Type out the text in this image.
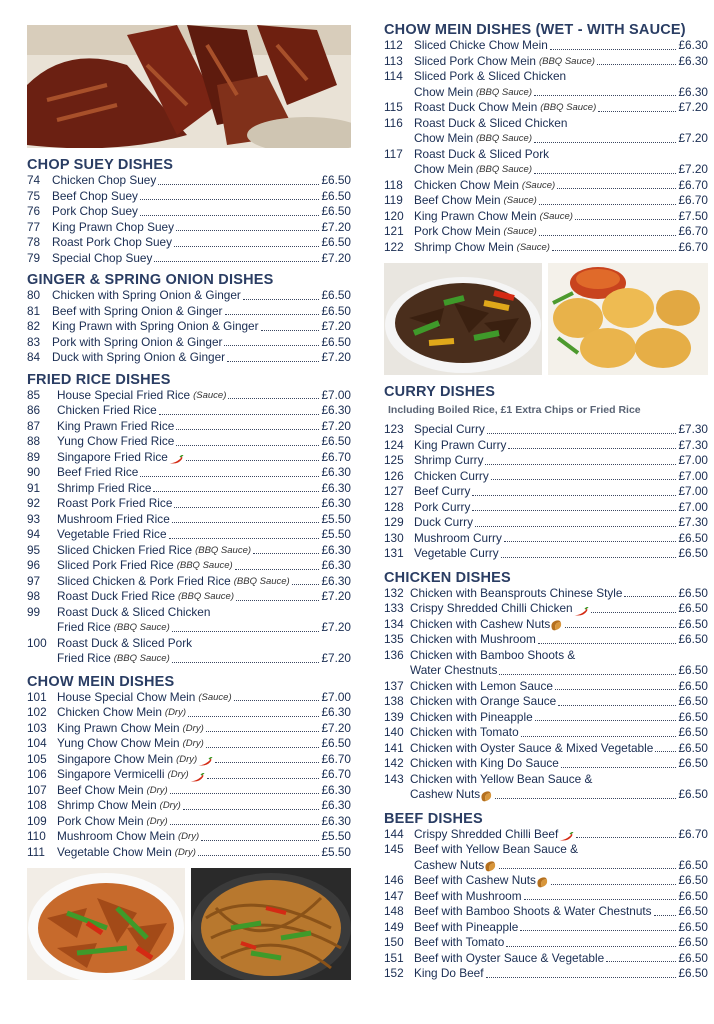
CHOP SUEY DISHES
74	Chicken Chop Suey	£6.50
75	Beef Chop Suey	£6.50
76	Pork Chop Suey	£6.50
77	King Prawn Chop Suey	£7.20
78	Roast Pork Chop Suey	£6.50
79	Special Chop Suey	£7.20
GINGER & SPRING ONION DISHES
80	Chicken with Spring Onion & Ginger	£6.50
81	Beef with Spring Onion & Ginger	£6.50
82	King Prawn with Spring Onion & Ginger	£7.20
83	Pork with Spring Onion & Ginger	£6.50
84	Duck with Spring Onion & Ginger	£7.20
FRIED RICE DISHES
85	House Special Fried Rice (Sauce)	£7.00
86	Chicken Fried Rice	£6.30
87	King Prawn Fried Rice	£7.20
88	Yung Chow Fried Rice	£6.50
89	Singapore Fried Rice	£6.70
90	Beef Fried Rice	£6.30
91	Shrimp Fried Rice	£6.30
92	Roast Pork Fried Rice	£6.30
93	Mushroom Fried Rice	£5.50
94	Vegetable Fried Rice	£5.50
95	Sliced Chicken Fried Rice (BBQ Sauce)	£6.30
96	Sliced Pork Fried Rice (BBQ Sauce)	£6.30
97	Sliced Chicken & Pork Fried Rice (BBQ Sauce)	£6.30
98	Roast Duck Fried Rice (BBQ Sauce)	£7.20
99	Roast Duck & Sliced Chicken
Fried Rice (BBQ Sauce)	£7.20
100 Roast Duck & Sliced Pork
Fried Rice (BBQ Sauce)	£7.20
CHOW MEIN DISHES
101 House Special Chow Mein (Sauce)	£7.00
102 Chicken Chow Mein (Dry)	£6.30
103 King Prawn Chow Mein (Dry)	£7.20
104 Yung Chow Chow Mein (Dry)	£6.50
105 Singapore Chow Mein (Dry)	£6.70
106 Singapore Vermicelli (Dry)	£6.70
107 Beef Chow Mein (Dry)	£6.30
108 Shrimp Chow Mein (Dry)	£6.30
109 Pork Chow Mein (Dry)	£6.30
110 Mushroom Chow Mein (Dry)	£5.50
111	Vegetable Chow Mein (Dry)	£5.50
CHOW MEIN DISHES (WET - WITH SAUCE)
112 Sliced Chicke Chow Mein	£6.30
113 Sliced Pork Chow Mein (BBQ Sauce)	£6.30
114 Sliced Pork & Sliced Chicken
Chow Mein (BBQ Sauce)	£6.30
115 Roast Duck Chow Mein (BBQ Sauce)	£7.20
116 Roast Duck & Sliced Chicken
Chow Mein (BBQ Sauce)	£7.20
117 Roast Duck & Sliced Pork
Chow Mein (BBQ Sauce)	£7.20
118 Chicken Chow Mein (Sauce)	£6.70
119 Beef Chow Mein (Sauce)	£6.70
120 King Prawn Chow Mein (Sauce)	£7.50
121 Pork Chow Mein (Sauce)	£6.70
122 Shrimp Chow Mein (Sauce)	£6.70
CURRY DISHES
Including Boiled Rice, £1 Extra Chips or Fried Rice
123 Special Curry	£7.30
124 King Prawn Curry	£7.30
125 Shrimp Curry	£7.00
126 Chicken Curry	£7.00
127 Beef Curry	£7.00
128 Pork Curry	£7.00
129 Duck Curry	£7.30
130 Mushroom Curry	£6.50
131 Vegetable Curry	£6.50
CHICKEN DISHES
132 Chicken with Beansprouts Chinese Style	£6.50
133 Crispy Shredded Chilli Chicken	£6.50
134 Chicken with Cashew Nuts	£6.50
135 Chicken with Mushroom	£6.50
136 Chicken with Bamboo Shoots &
Water Chestnuts	£6.50
137 Chicken with Lemon Sauce	£6.50
138 Chicken with Orange Sauce	£6.50
139 Chicken with Pineapple	£6.50
140 Chicken with Tomato	£6.50
141 Chicken with Oyster Sauce & Mixed Vegetable £6.50
142 Chicken with King Do Sauce	£6.50
143 Chicken with Yellow Bean Sauce &
Cashew Nuts	£6.50
BEEF DISHES
144 Crispy Shredded Chilli Beef	£6.70
145 Beef with Yellow Bean Sauce &
Cashew Nuts	£6.50
146 Beef with Cashew Nuts	£6.50
147 Beef with Mushroom	£6.50
148 Beef with Bamboo Shoots & Water Chestnuts £6.50
149 Beef with Pineapple	£6.50
150 Beef with Tomato	£6.50
151 Beef with Oyster Sauce & Vegetable	£6.50
152 King Do Beef	£6.50
